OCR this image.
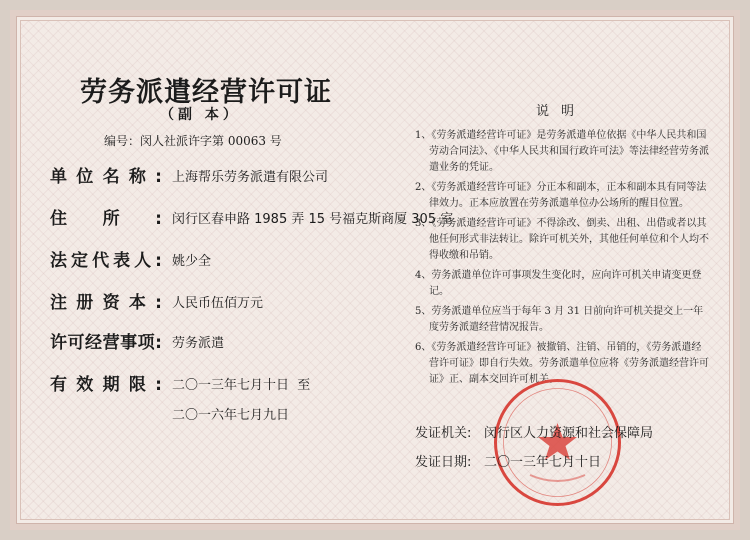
劳务派遣经营许可证
（副 本）
编号：闵人社派许字第 00063 号
单位名称: 上海帮乐劳务派遣有限公司
住所: 闵行区春申路 1985 弄 15 号福克斯商厦 305 室
法定代表人: 姚少全
注册资本: 人民币伍佰万元
许可经营事项: 劳务派遣
有效期限: 二〇一三年七月十日  至
二〇一六年七月九日
说明
1、《劳务派遣经营许可证》是劳务派遣单位依据《中华人民共和国劳动合同法》、《中华人民共和国行政许可法》等法律经营劳务派遣业务的凭证。
2、《劳务派遣经营许可证》分正本和副本，正本和副本具有同等法律效力。正本应放置在劳务派遣单位办公场所的醒目位置。
3、《劳务派遣经营许可证》不得涂改、倒卖、出租、出借或者以其他任何形式非法转让。除许可机关外，其他任何单位和个人均不得收缴和吊销。
4、劳务派遣单位许可事项发生变化时，应向许可机关申请变更登记。
5、劳务派遣单位应当于每年 3 月 31 日前向许可机关提交上一年度劳务派遣经营情况报告。
6、《劳务派遣经营许可证》被撤销、注销、吊销的，《劳务派遣经营许可证》即自行失效。劳务派遣单位应将《劳务派遣经营许可证》正、副本交回许可机关。
发证机关: 闵行区人力资源和社会保障局
发证日期: 二〇一三年七月十日
